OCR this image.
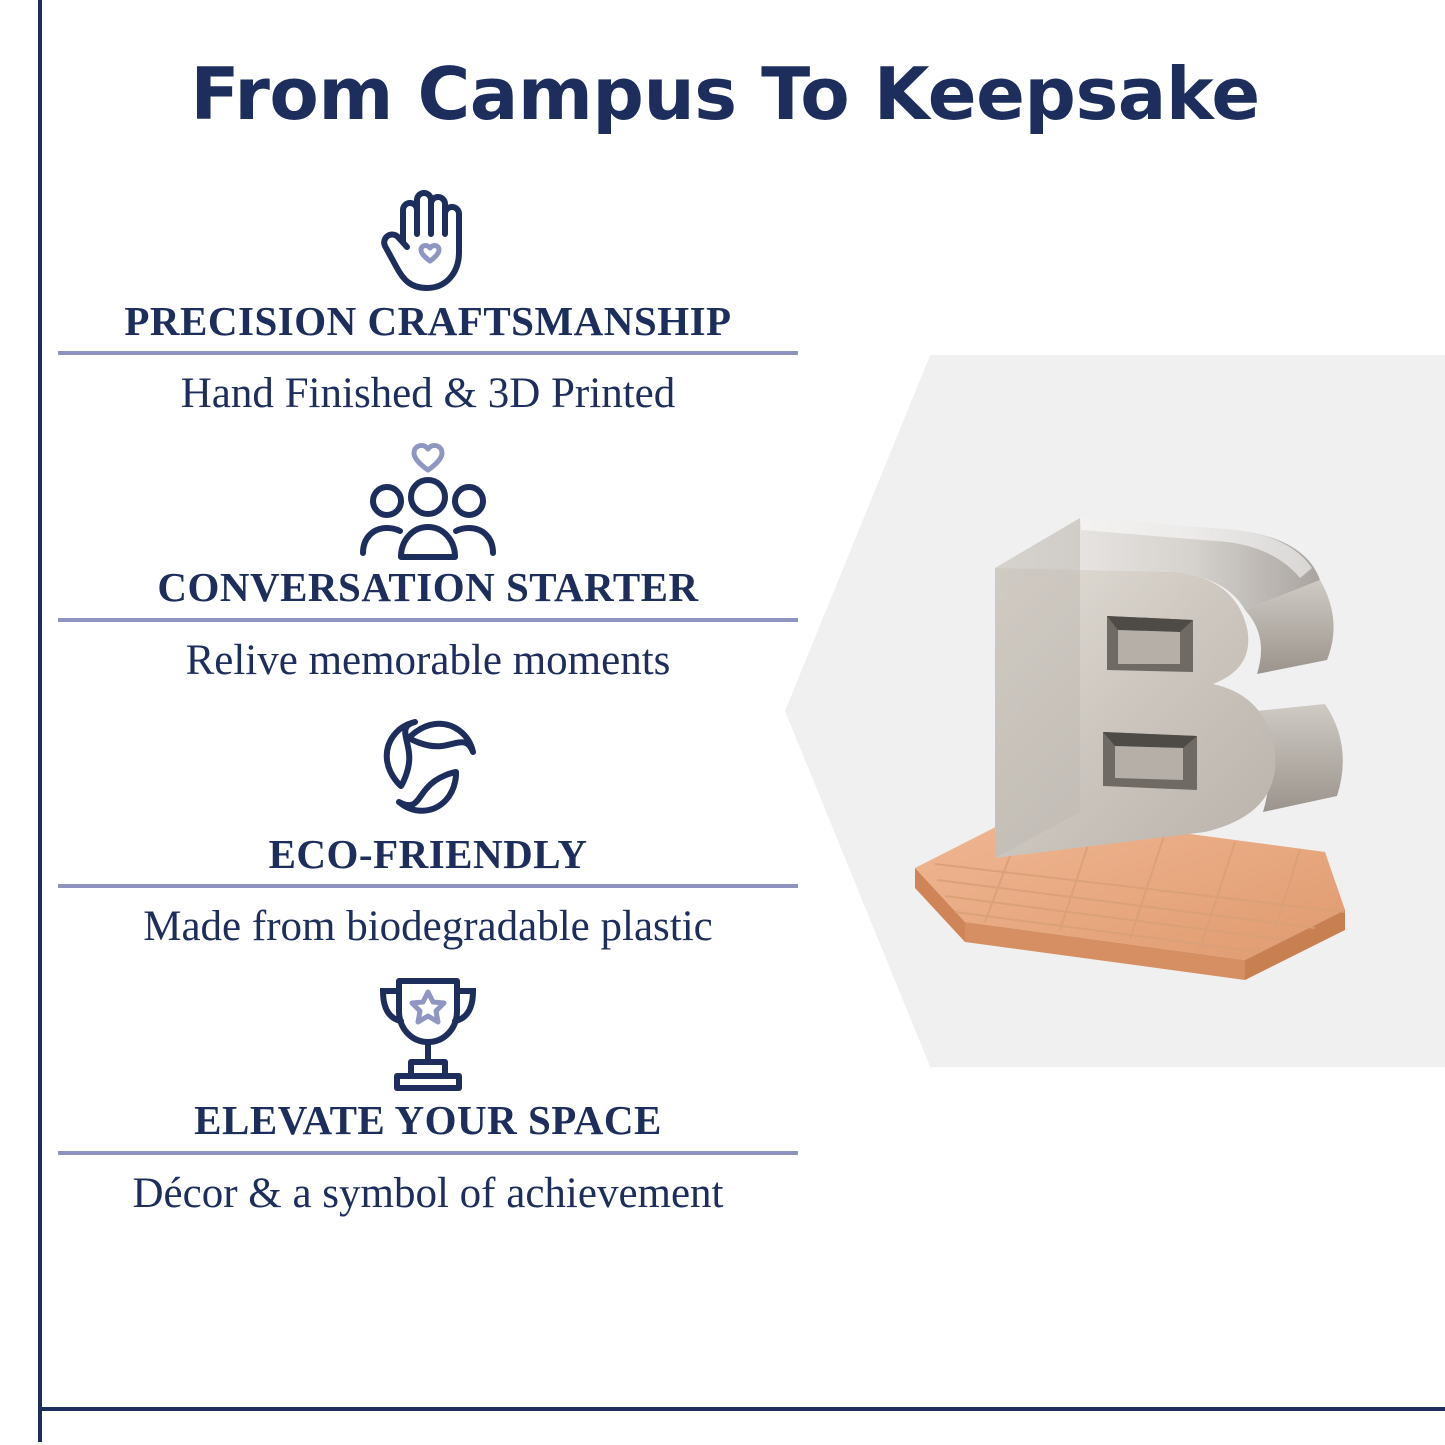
From Campus To Keepsake
PRECISION CRAFTSMANSHIP
Hand Finished & 3D Printed
CONVERSATION STARTER
Relive memorable moments
ECO-FRIENDLY
Made from biodegradable plastic
ELEVATE YOUR SPACE
Décor & a symbol of achievement
